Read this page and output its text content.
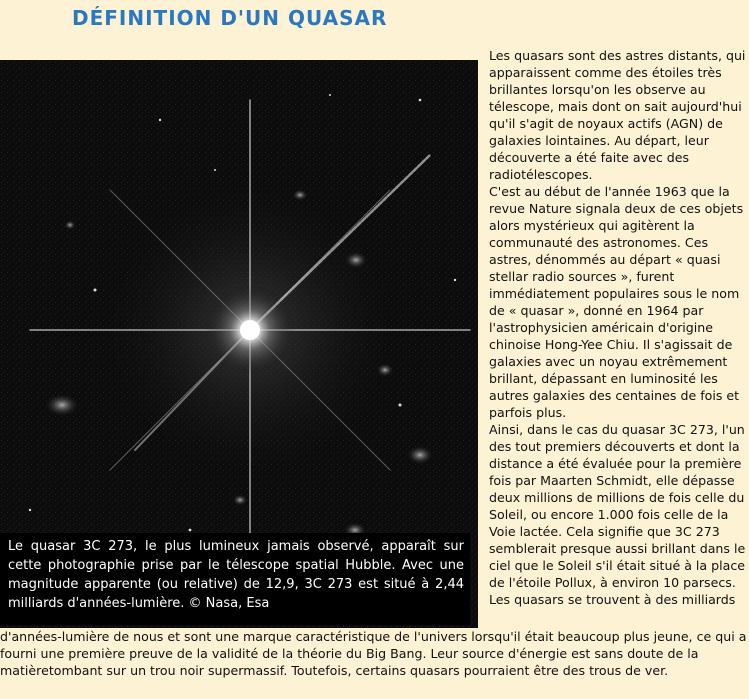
DÉFINITION D'UN QUASAR
Le quasar 3C 273, le plus lumineux jamais observé, apparaît sur cette photographie prise par le télescope spatial Hubble. Avec une magnitude apparente (ou relative) de 12,9, 3C 273 est situé à 2,44 milliards d'années-lumière. © Nasa, Esa

Les quasars sont des astres distants, qui apparaissent comme des étoiles très brillantes lorsqu'on les observe au télescope, mais dont on sait aujourd'hui qu'il s'agit de noyaux actifs (AGN) de galaxies lointaines. Au départ, leur découverte a été faite avec des radiotélescopes.

C'est au début de l'année 1963 que la revue Nature signala deux de ces objets alors mystérieux qui agitèrent la communauté des astronomes. Ces astres, dénommés au départ « quasi stellar radio sources », furent immédiatement populaires sous le nom de « quasar », donné en 1964 par l'astrophysicien américain d'origine chinoise Hong-Yee Chiu. Il s'agissait de galaxies avec un noyau extrêmement brillant, dépassant en luminosité les autres galaxies des centaines de fois et parfois plus.

Ainsi, dans le cas du quasar 3C 273, l'un des tout premiers découverts et dont la distance a été évaluée pour la première fois par Maarten Schmidt, elle dépasse deux millions de millions de fois celle du Soleil, ou encore 1.000 fois celle de la Voie lactée. Cela signifie que 3C 273 semblerait presque aussi brillant dans le ciel que le Soleil s'il était situé à la place de l'étoile Pollux, à environ 10 parsecs.

Les quasars se trouvent à des milliards

d'années-lumière de nous et sont une marque caractéristique de l'univers lorsqu'il était beaucoup plus jeune, ce qui a fourni une première preuve de la validité de la théorie du Big Bang. Leur source d'énergie est sans doute de la matièretombant sur un trou noir supermassif. Toutefois, certains quasars pourraient être des trous de ver.
